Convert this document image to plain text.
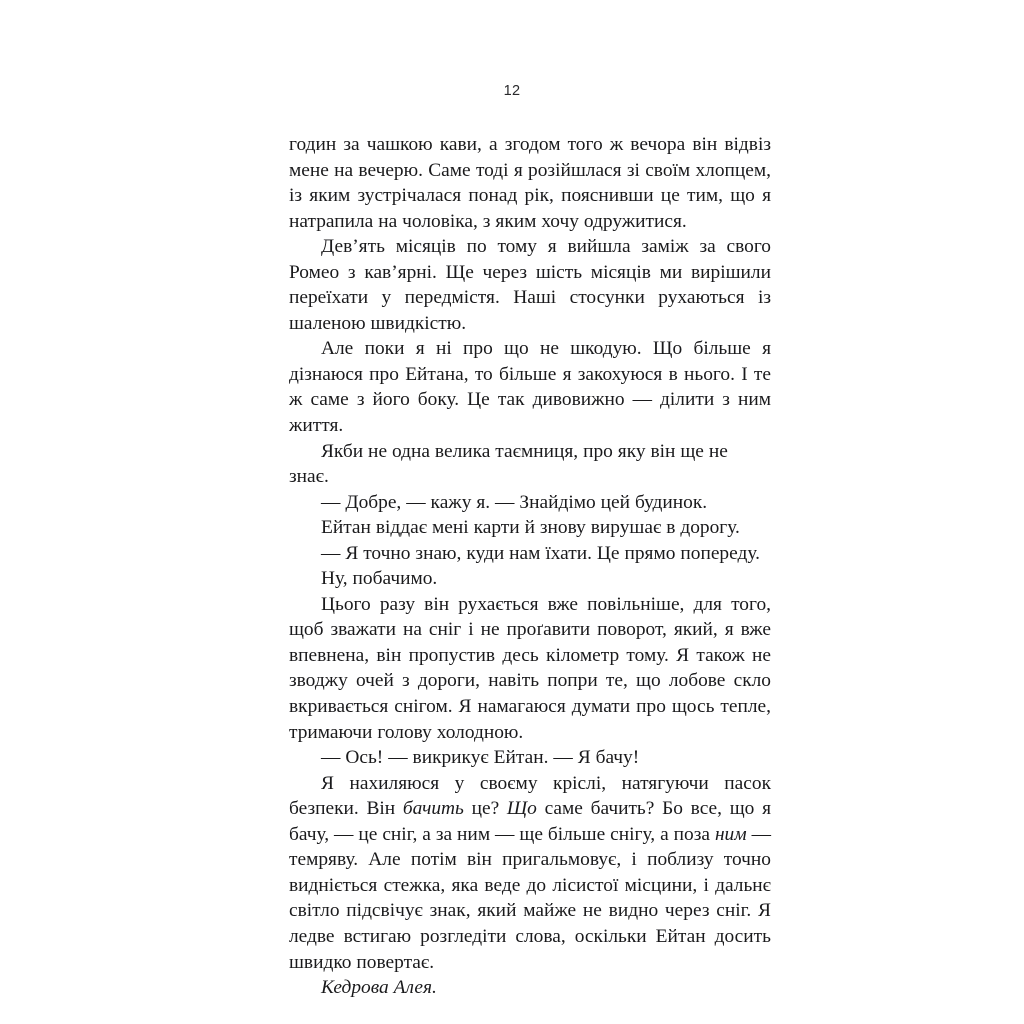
12

годин за чашкою кави, а згодом того ж вечора він відвіз мене на вечерю. Саме тоді я розійшлася зі своїм хлопцем, із яким зустрічалася понад рік, пояснивши це тим, що я натрапила на чоловіка, з яким хочу одружитися.

Дев’ять місяців по тому я вийшла заміж за свого Ромео з кав’ярні. Ще через шість місяців ми вирішили переїхати у передмістя. Наші стосунки рухаються із шаленою швидкістю.

Але поки я ні про що не шкодую. Що більше я дізнаюся про Ейтана, то більше я закохуюся в нього. І те ж саме з його боку. Це так дивовижно — ділити з ним життя.

Якби не одна велика таємниця, про яку він ще не знає.

— Добре, — кажу я. — Знайдімо цей будинок.

Ейтан віддає мені карти й знову вирушає в дорогу.

— Я точно знаю, куди нам їхати. Це прямо попереду.

Ну, побачимо.

Цього разу він рухається вже повільніше, для того, щоб зважати на сніг і не проґавити поворот, який, я вже впевнена, він пропустив десь кілометр тому. Я також не зводжу очей з дороги, навіть попри те, що лобове скло вкривається снігом. Я намагаюся думати про щось тепле, тримаючи голову холодною.

— Ось! — викрикує Ейтан. — Я бачу!

Я нахиляюся у своєму кріслі, натягуючи пасок безпеки. Він бачить це? Що саме бачить? Бо все, що я бачу, — це сніг, а за ним — ще більше снігу, а поза ним — темряву. Але потім він пригальмовує, і поблизу точно видніється стежка, яка веде до лісистої місцини, і дальнє світло підсвічує знак, який майже не видно через сніг. Я ледве встигаю розгледіти слова, оскільки Ейтан досить швидко повертає.

Кедрова Алея.
